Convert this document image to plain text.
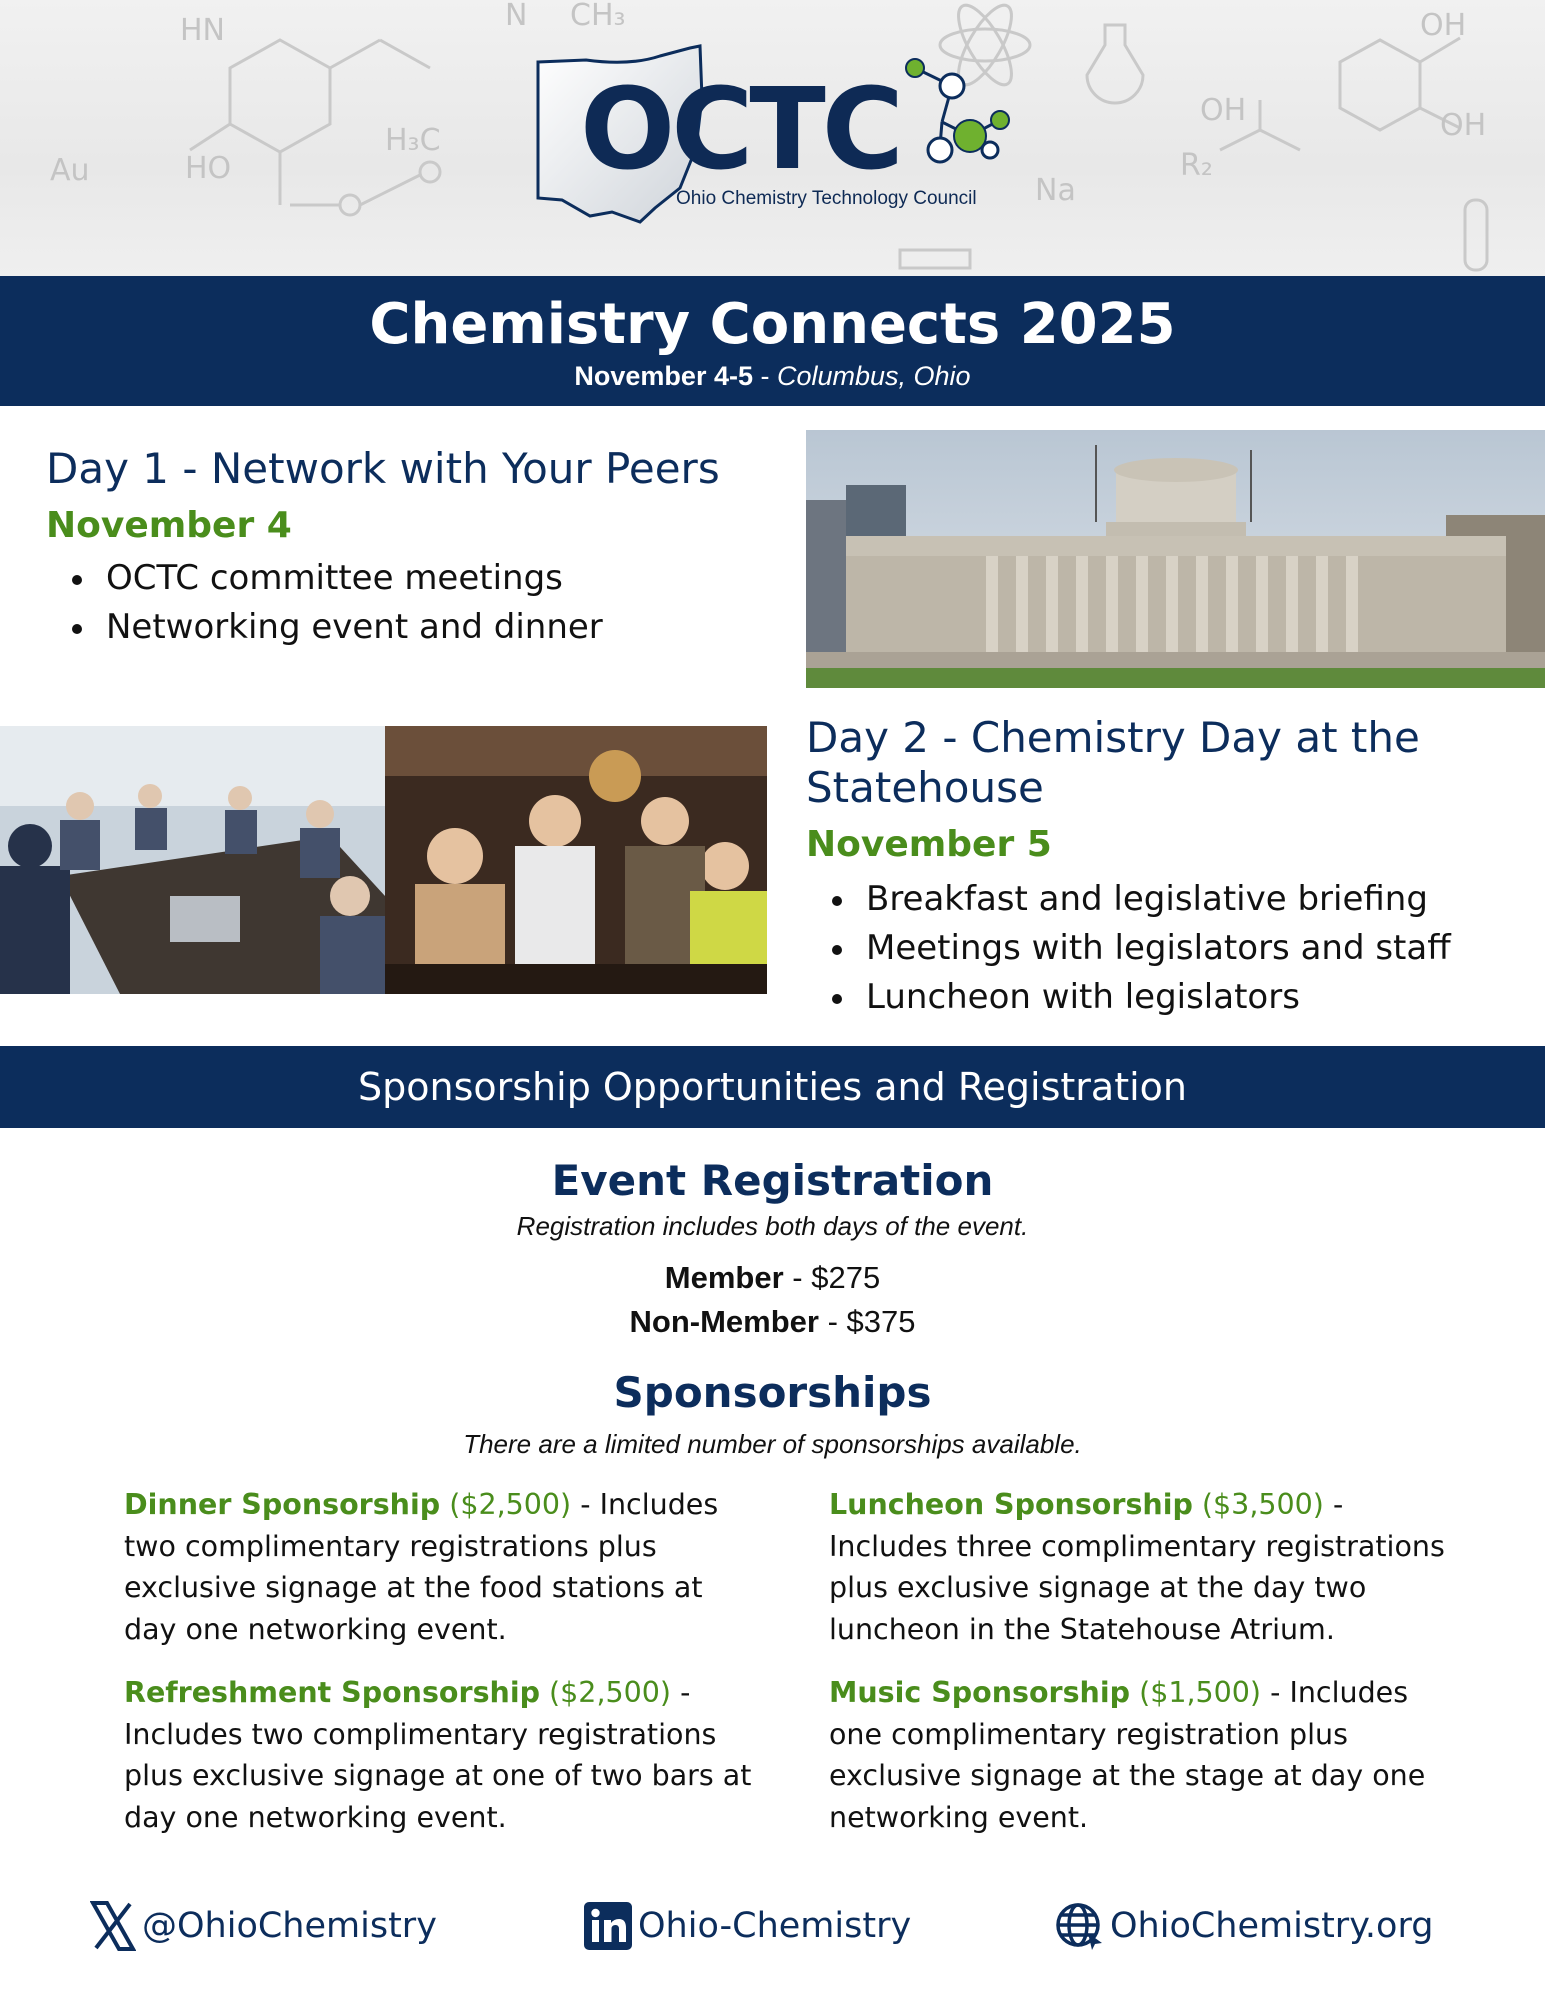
HN
HO
Au
H₃C
OH
OH
OH
R₂
Na
N CH₃
OCTC
Ohio Chemistry Technology Council
Chemistry Connects 2025
November 4-5 - Columbus, Ohio
Day 1 - Network with Your Peers
November 4
OCTC committee meetings
Networking event and dinner
Day 2 - Chemistry Day at the
Statehouse
November 5
Breakfast and legislative briefing
Meetings with legislators and staff
Luncheon with legislators
Sponsorship Opportunities and Registration
Event Registration
Registration includes both days of the event.
Member - $275
Non-Member - $375
Sponsorships
There are a limited number of sponsorships available.
Dinner Sponsorship ($2,500) - Includes two complimentary registrations plus exclusive signage at the food stations at day one networking event.
Luncheon Sponsorship ($3,500) - Includes three complimentary registrations plus exclusive signage at the day two luncheon in the Statehouse Atrium.
Refreshment Sponsorship ($2,500) - Includes two complimentary registrations plus exclusive signage at one of two bars at day one networking event.
Music Sponsorship ($1,500) - Includes one complimentary registration plus exclusive signage at the stage at day one networking event.
@OhioChemistry	Ohio-Chemistry	OhioChemistry.org
